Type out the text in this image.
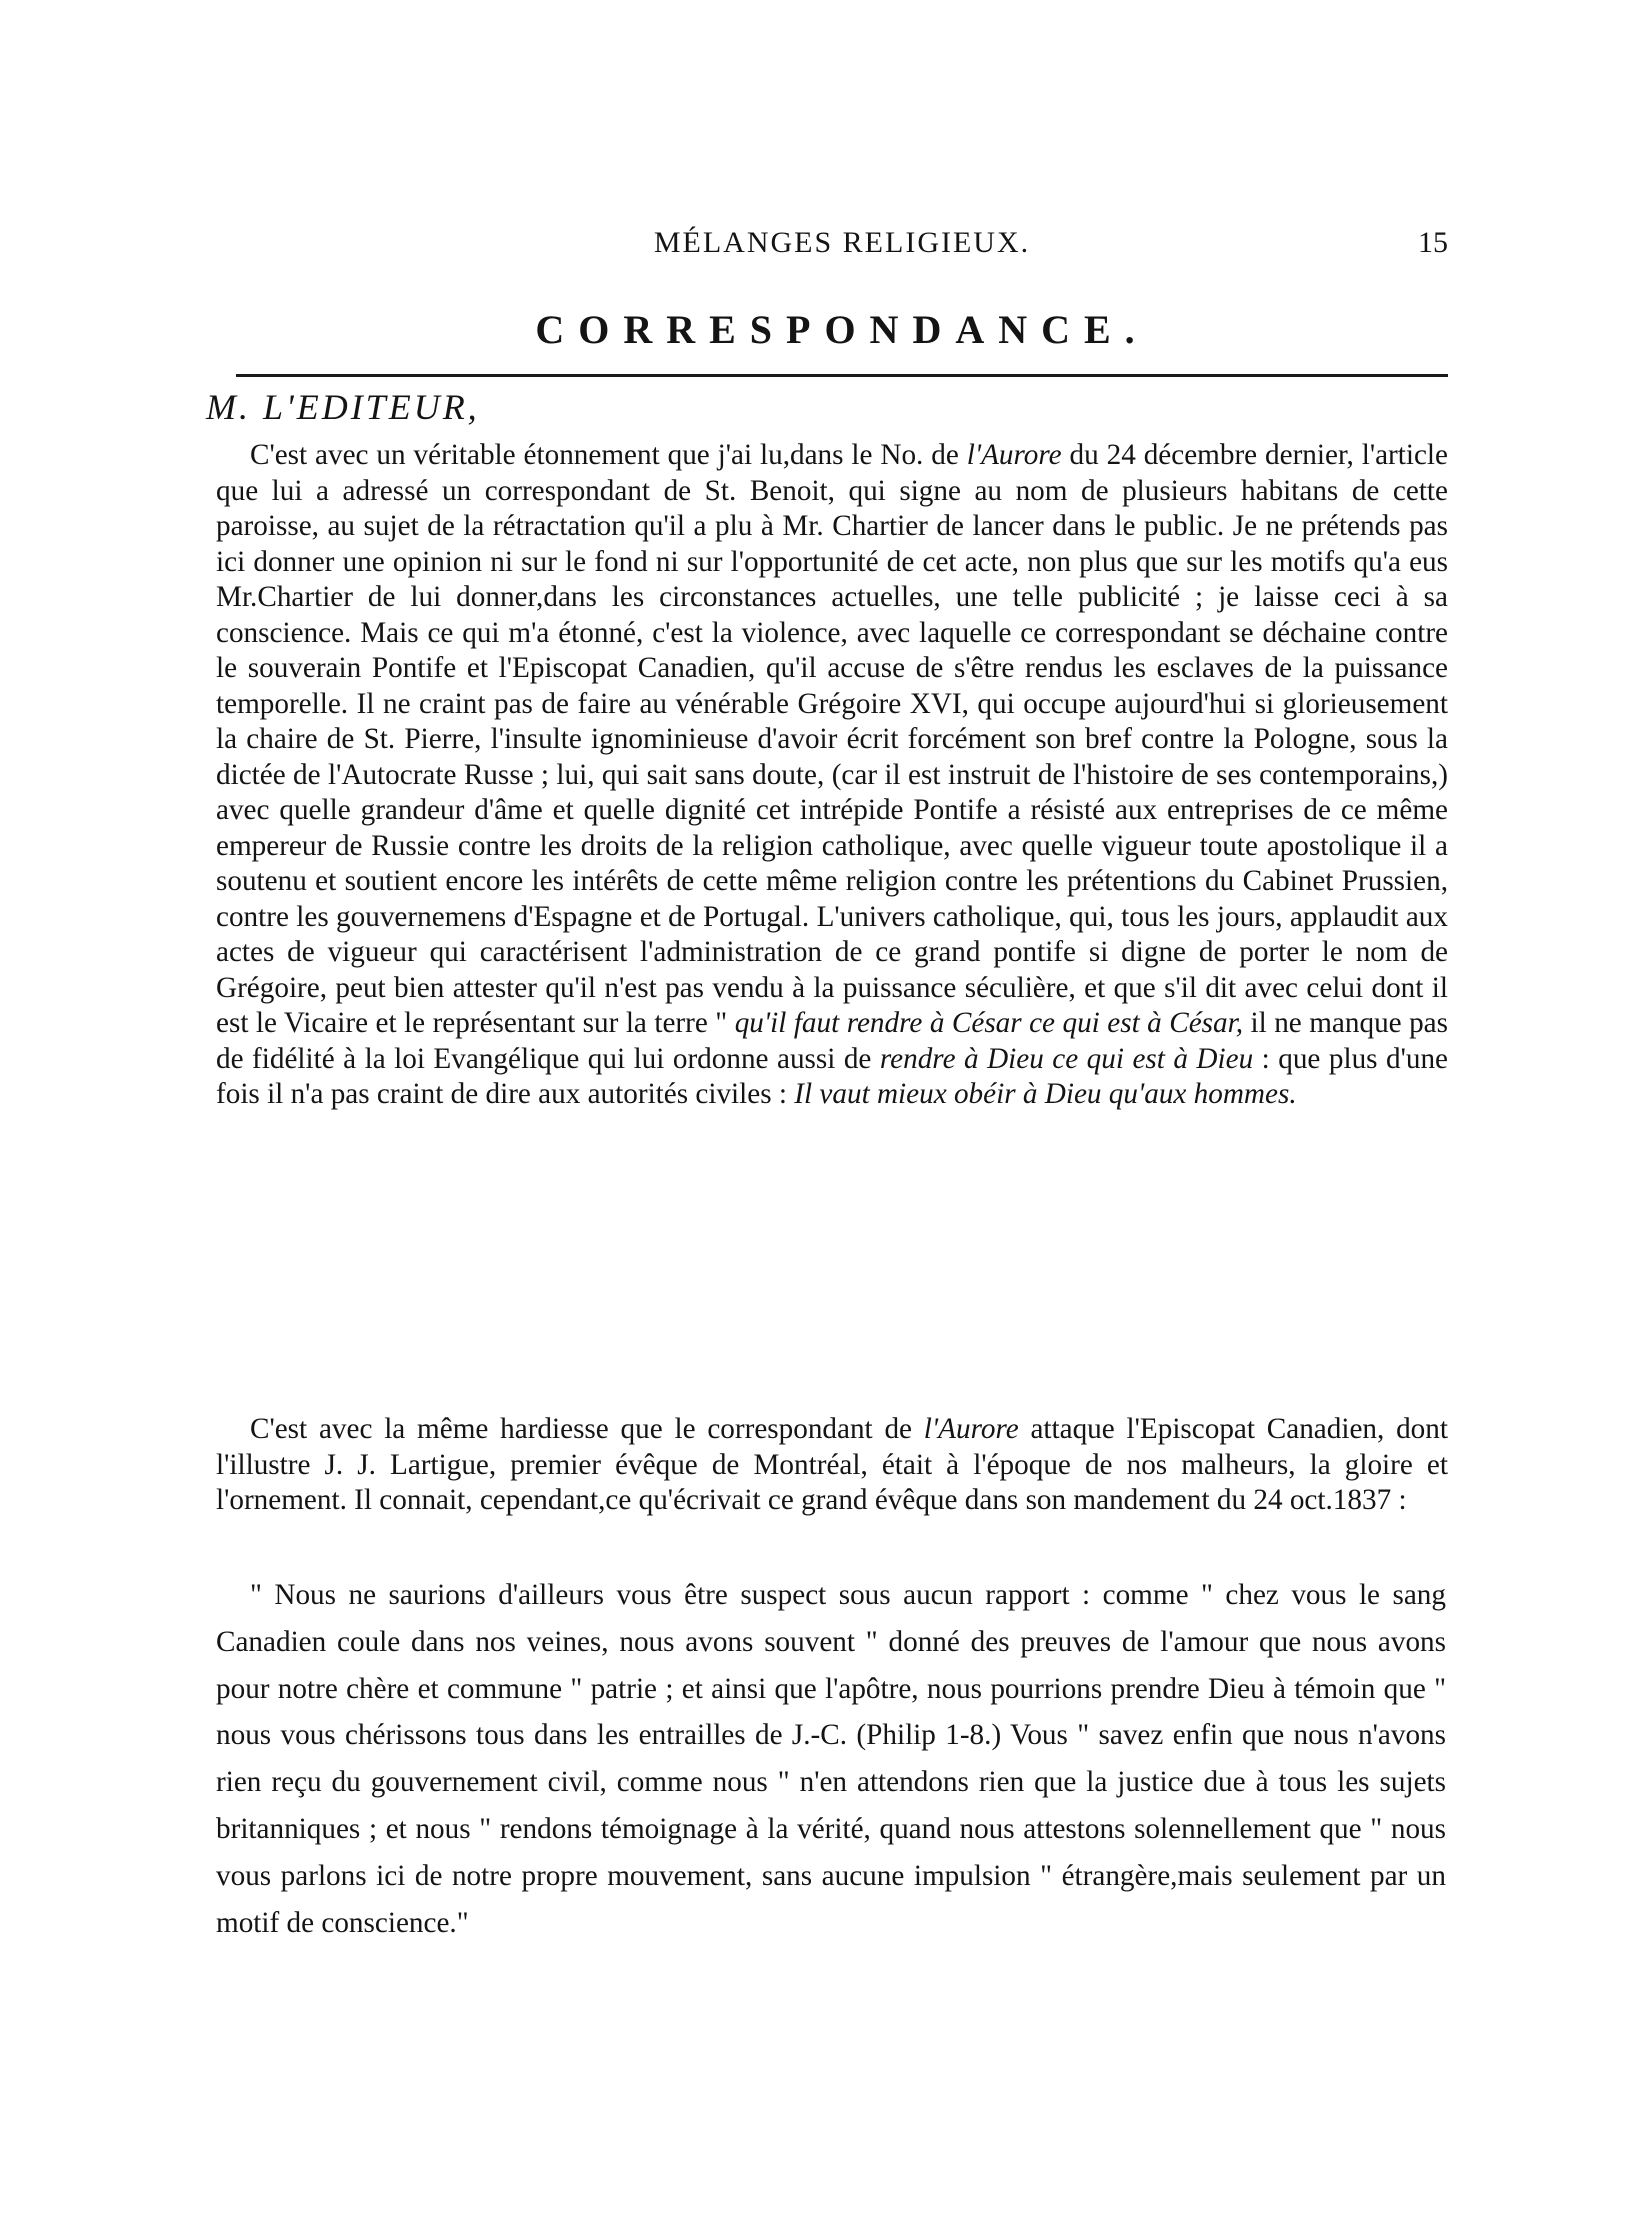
MÉLANGES RELIGIEUX.	15
CORRESPONDANCE.
M. L'EDITEUR,

C'est avec un véritable étonnement que j'ai lu,dans le No. de l'Aurore du 24 décembre dernier, l'article que lui a adressé un correspondant de St. Benoit, qui signe au nom de plusieurs habitans de cette paroisse, au sujet de la rétractation qu'il a plu à Mr. Chartier de lancer dans le public. Je ne prétends pas ici donner une opinion ni sur le fond ni sur l'opportunité de cet acte, non plus que sur les motifs qu'a eus Mr.Chartier de lui donner,dans les circonstances actuelles, une telle publicité ; je laisse ceci à sa conscience. Mais ce qui m'a étonné, c'est la violence, avec laquelle ce correspondant se déchaine contre le souverain Pontife et l'Episcopat Canadien, qu'il accuse de s'être rendus les esclaves de la puissance temporelle. Il ne craint pas de faire au vénérable Grégoire XVI, qui occupe aujourd'hui si glorieusement la chaire de St. Pierre, l'insulte ignominieuse d'avoir écrit forcément son bref contre la Pologne, sous la dictée de l'Autocrate Russe ; lui, qui sait sans doute, (car il est instruit de l'histoire de ses contemporains,) avec quelle grandeur d'âme et quelle dignité cet intrépide Pontife a résisté aux entreprises de ce même empereur de Russie contre les droits de la religion catholique, avec quelle vigueur toute apostolique il a soutenu et soutient encore les intérêts de cette même religion contre les prétentions du Cabinet Prussien, contre les gouvernemens d'Espagne et de Portugal. L'univers catholique, qui, tous les jours, applaudit aux actes de vigueur qui caractérisent l'administration de ce grand pontife si digne de porter le nom de Grégoire, peut bien attester qu'il n'est pas vendu à la puissance séculière, et que s'il dit avec celui dont il est le Vicaire et le représentant sur la terre " qu'il faut rendre à César ce qui est à César, il ne manque pas de fidélité à la loi Evangélique qui lui ordonne aussi de rendre à Dieu ce qui est à Dieu : que plus d'une fois il n'a pas craint de dire aux autorités civiles : Il vaut mieux obéir à Dieu qu'aux hommes.

C'est avec la même hardiesse que le correspondant de l'Aurore attaque l'Episcopat Canadien, dont l'illustre J. J. Lartigue, premier évêque de Montréal, était à l'époque de nos malheurs, la gloire et l'ornement. Il connait, cependant,ce qu'écrivait ce grand évêque dans son mandement du 24 oct.1837 :

" Nous ne saurions d'ailleurs vous être suspect sous aucun rapport : comme " chez vous le sang Canadien coule dans nos veines, nous avons souvent " donné des preuves de l'amour que nous avons pour notre chère et commune " patrie ; et ainsi que l'apôtre, nous pourrions prendre Dieu à témoin que " nous vous chérissons tous dans les entrailles de J.-C. (Philip 1-8.) Vous " savez enfin que nous n'avons rien reçu du gouvernement civil, comme nous " n'en attendons rien que la justice due à tous les sujets britanniques ; et nous " rendons témoignage à la vérité, quand nous attestons solennellement que " nous vous parlons ici de notre propre mouvement, sans aucune impulsion " étrangère,mais seulement par un motif de conscience."
